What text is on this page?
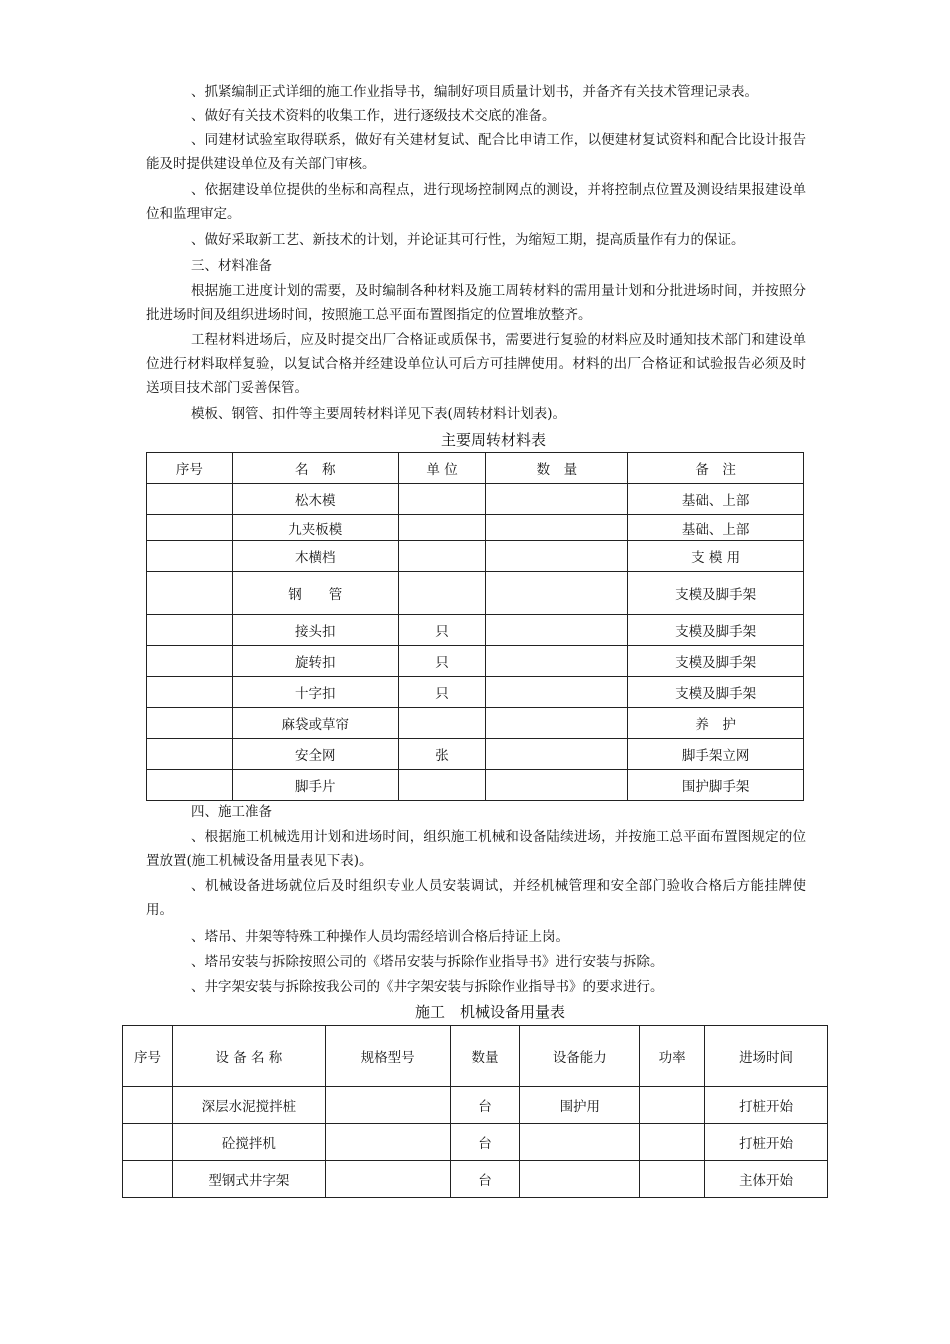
、抓紧编制正式详细的施工作业指导书，编制好项目质量计划书，并备齐有关技术管理记录表。

、做好有关技术资料的收集工作，进行逐级技术交底的准备。

、同建材试验室取得联系，做好有关建材复试、配合比申请工作，以便建材复试资料和配合比设计报告能及时提供建设单位及有关部门审核。

、依据建设单位提供的坐标和高程点，进行现场控制网点的测设，并将控制点位置及测设结果报建设单位和监理审定。

、做好采取新工艺、新技术的计划，并论证其可行性，为缩短工期，提高质量作有力的保证。

三、材料准备

根据施工进度计划的需要，及时编制各种材料及施工周转材料的需用量计划和分批进场时间，并按照分批进场时间及组织进场时间，按照施工总平面布置图指定的位置堆放整齐。

工程材料进场后，应及时提交出厂合格证或质保书，需要进行复验的材料应及时通知技术部门和建设单位进行材料取样复验，以复试合格并经建设单位认可后方可挂牌使用。材料的出厂合格证和试验报告必须及时送项目技术部门妥善保管。

模板、钢管、扣件等主要周转材料详见下表(周转材料计划表)。

主要周转材料表

序号	名　称	单 位	数　量	备　注
	松木模			基础、上部
	九夹板模			基础、上部
	木横档			支 模 用
	钢　　管			支模及脚手架
	接头扣	只		支模及脚手架
	旋转扣	只		支模及脚手架
	十字扣	只		支模及脚手架
	麻袋或草帘			养　护
	安全网	张		脚手架立网
	脚手片			围护脚手架

四、施工准备

、根据施工机械选用计划和进场时间，组织施工机械和设备陆续进场，并按施工总平面布置图规定的位置放置(施工机械设备用量表见下表)。

、机械设备进场就位后及时组织专业人员安装调试，并经机械管理和安全部门验收合格后方能挂牌使用。

、塔吊、井架等特殊工种操作人员均需经培训合格后持证上岗。

、塔吊安装与拆除按照公司的《塔吊安装与拆除作业指导书》进行安装与拆除。

、井字架安装与拆除按我公司的《井字架安装与拆除作业指导书》的要求进行。

施工　机械设备用量表

序号	设 备 名 称	规格型号	数量	设备能力	功率	进场时间
	深层水泥搅拌桩		台	围护用		打桩开始
	砼搅拌机		台			打桩开始
	型钢式井字架		台			主体开始
